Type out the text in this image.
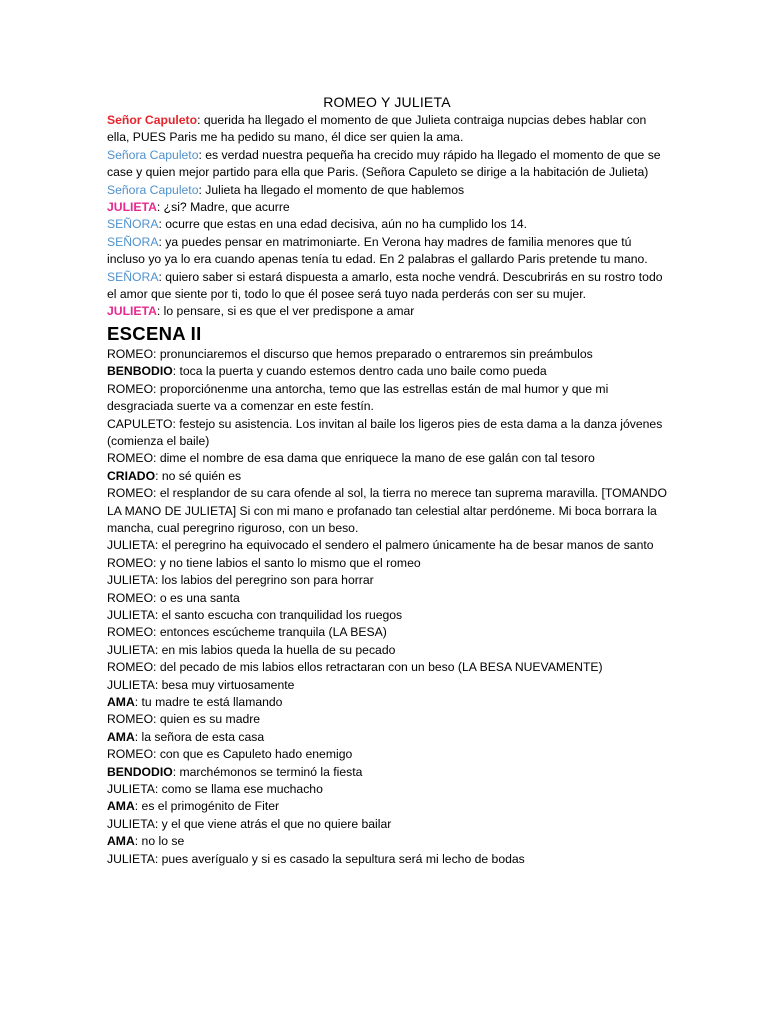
ROMEO Y JULIETA

Señor Capuleto: querida ha llegado el momento de que Julieta contraiga nupcias debes hablar con ella, PUES Paris me ha pedido su mano, él dice ser quien la ama.

Señora Capuleto: es verdad nuestra pequeña ha crecido muy rápido ha llegado el momento de que se case y quien mejor partido para ella que Paris. (Señora Capuleto se dirige a la habitación de Julieta)

Señora Capuleto: Julieta ha llegado el momento de que hablemos

JULIETA: ¿si? Madre, que acurre

SEÑORA: ocurre que estas en una edad decisiva, aún no ha cumplido los 14.

SEÑORA: ya puedes pensar en matrimoniarte. En Verona hay madres de familia menores que tú incluso yo ya lo era cuando apenas tenía tu edad. En 2 palabras el gallardo Paris pretende tu mano.

SEÑORA: quiero saber si estará dispuesta a amarlo, esta noche vendrá. Descubrirás en su rostro todo el amor que siente por ti, todo lo que él posee será tuyo nada perderás con ser su mujer.

JULIETA: lo pensare, si es que el ver predispone a amar

ESCENA II

ROMEO: pronunciaremos el discurso que hemos preparado o entraremos sin preámbulos

BENBODIO: toca la puerta y cuando estemos dentro cada uno baile como pueda

ROMEO: proporciónenme una antorcha, temo que las estrellas están de mal humor y que mi desgraciada suerte va a comenzar en este festín.

CAPULETO: festejo su asistencia. Los invitan al baile los ligeros pies de esta dama a la danza jóvenes (comienza el baile)

ROMEO: dime el nombre de esa dama que enriquece la mano de ese galán con tal tesoro

CRIADO: no sé quién es

ROMEO: el resplandor de su cara ofende al sol, la tierra no merece tan suprema maravilla. [TOMANDO LA MANO DE JULIETA] Si con mi mano e profanado tan celestial altar perdóneme. Mi boca borrara la mancha, cual peregrino riguroso, con un beso.

JULIETA: el peregrino ha equivocado el sendero el palmero únicamente ha de besar manos de santo

ROMEO: y no tiene labios el santo lo mismo que el romeo

JULIETA: los labios del peregrino son para horrar

ROMEO: o es una santa

JULIETA: el santo escucha con tranquilidad los ruegos

ROMEO: entonces escúcheme tranquila (LA BESA)

JULIETA: en mis labios queda la huella de su pecado

ROMEO: del pecado de mis labios ellos retractaran con un beso (LA BESA NUEVAMENTE)

JULIETA: besa muy virtuosamente

AMA: tu madre te está llamando

ROMEO: quien es su madre

AMA: la señora de esta casa

ROMEO: con que es Capuleto hado enemigo

BENDODIO: marchémonos se terminó la fiesta

JULIETA: como se llama ese muchacho

AMA: es el primogénito de Fiter

JULIETA: y el que viene atrás el que no quiere bailar

AMA: no lo se

JULIETA: pues averígualo y si es casado la sepultura será mi lecho de bodas
